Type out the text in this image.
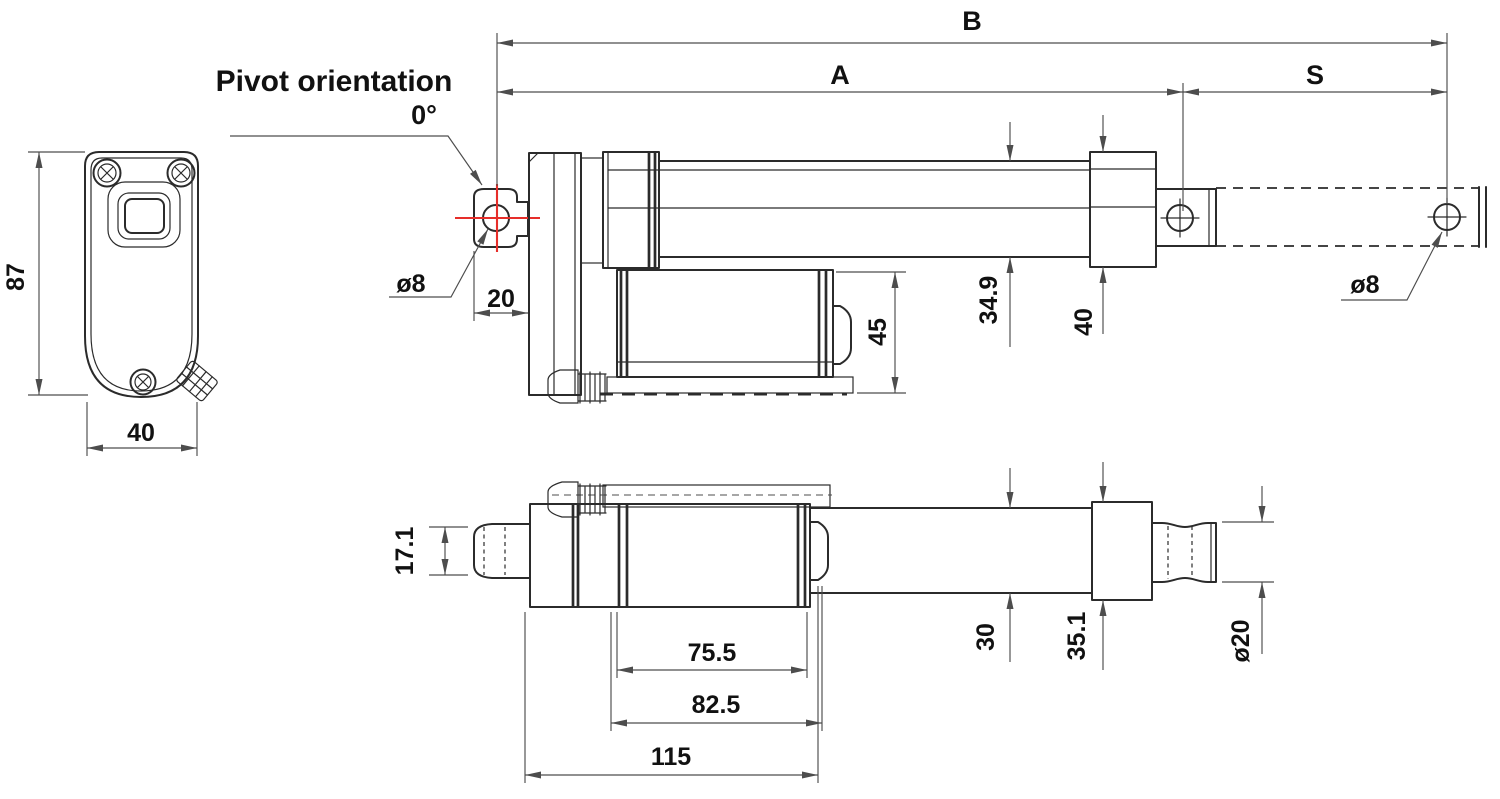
87
40
Pivot orientation
0°
B
A	S
20
ø8	34.9	40
45
ø8
17.1
30	35.1	ø20
75.5
82.5
115
